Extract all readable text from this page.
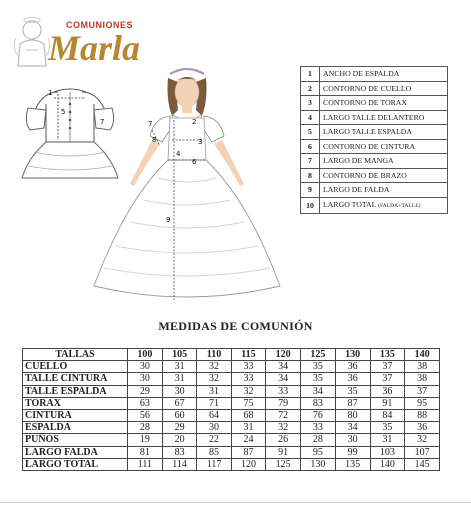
COMUNIONES
Marla
1
5
7	7
8
2
3
6
4
9
1	ANCHO DE ESPALDA
2	CONTORNO DE CUELLO
3	CONTORNO DE TORAX
4	LARGO TALLE DELANTERO
5	LARGO TALLE ESPALDA
6	CONTORNO DE CINTURA
7	LARGO DE MANGA
8	CONTORNO DE BRAZO
9	LARGO DE FALDA
10	LARGO TOTAL (FALDA+TALLE)
MEDIDAS DE COMUNIÓN
TALLAS	100	105	110	115	120	125	130	135	140
CUELLO	30	31	32	33	34	35	36	37	38
TALLE CINTURA	30	31	32	33	34	35	36	37	38
TALLE ESPALDA	29	30	31	32	33	34	35	36	37
TORAX	63	67	71	75	79	83	87	91	95
CINTURA	56	60	64	68	72	76	80	84	88
ESPALDA	28	29	30	31	32	33	34	35	36
PUÑOS	19	20	22	24	26	28	30	31	32
LARGO FALDA	81	83	85	87	91	95	99	103	107
LARGO TOTAL	111	114	117	120	125	130	135	140	145
